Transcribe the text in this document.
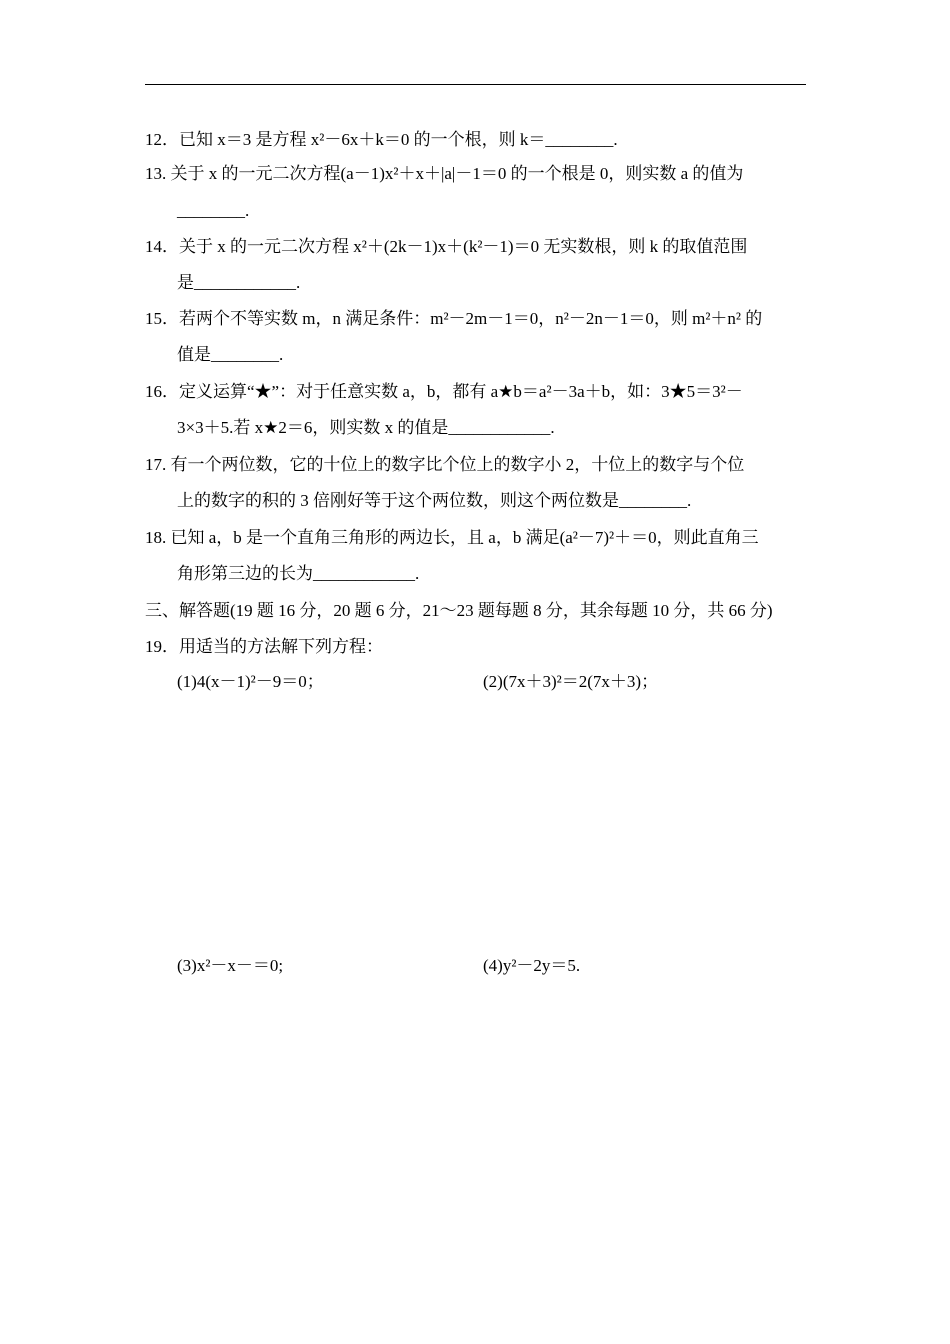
12．已知 x＝3 是方程 x²－6x＋k＝0 的一个根，则 k＝________.
13. 关于 x 的一元二次方程(a－1)x²＋x＋|a|－1＝0 的一个根是 0，则实数 a 的值为
________.
14．关于 x 的一元二次方程 x²＋(2k－1)x＋(k²－1)＝0 无实数根，则 k 的取值范围
是____________.
15．若两个不等实数 m，n 满足条件：m²－2m－1＝0，n²－2n－1＝0，则 m²＋n² 的
值是________.
16．定义运算“★”：对于任意实数 a，b，都有 a★b＝a²－3a＋b，如：3★5＝3²－
3×3＋5.若 x★2＝6，则实数 x 的值是____________.
17. 有一个两位数，它的十位上的数字比个位上的数字小 2，十位上的数字与个位
上的数字的积的 3 倍刚好等于这个两位数，则这个两位数是________.
18. 已知 a，b 是一个直角三角形的两边长，且 a，b 满足(a²－7)²＋＝0，则此直角三
角形第三边的长为____________.
三、解答题(19 题 16 分，20 题 6 分，21～23 题每题 8 分，其余每题 10 分，共 66 分)
19．用适当的方法解下列方程：
(1)4(x－1)²－9＝0；	(2)(7x＋3)²＝2(7x＋3)；
(3)x²－x－＝0;	(4)y²－2y＝5.
